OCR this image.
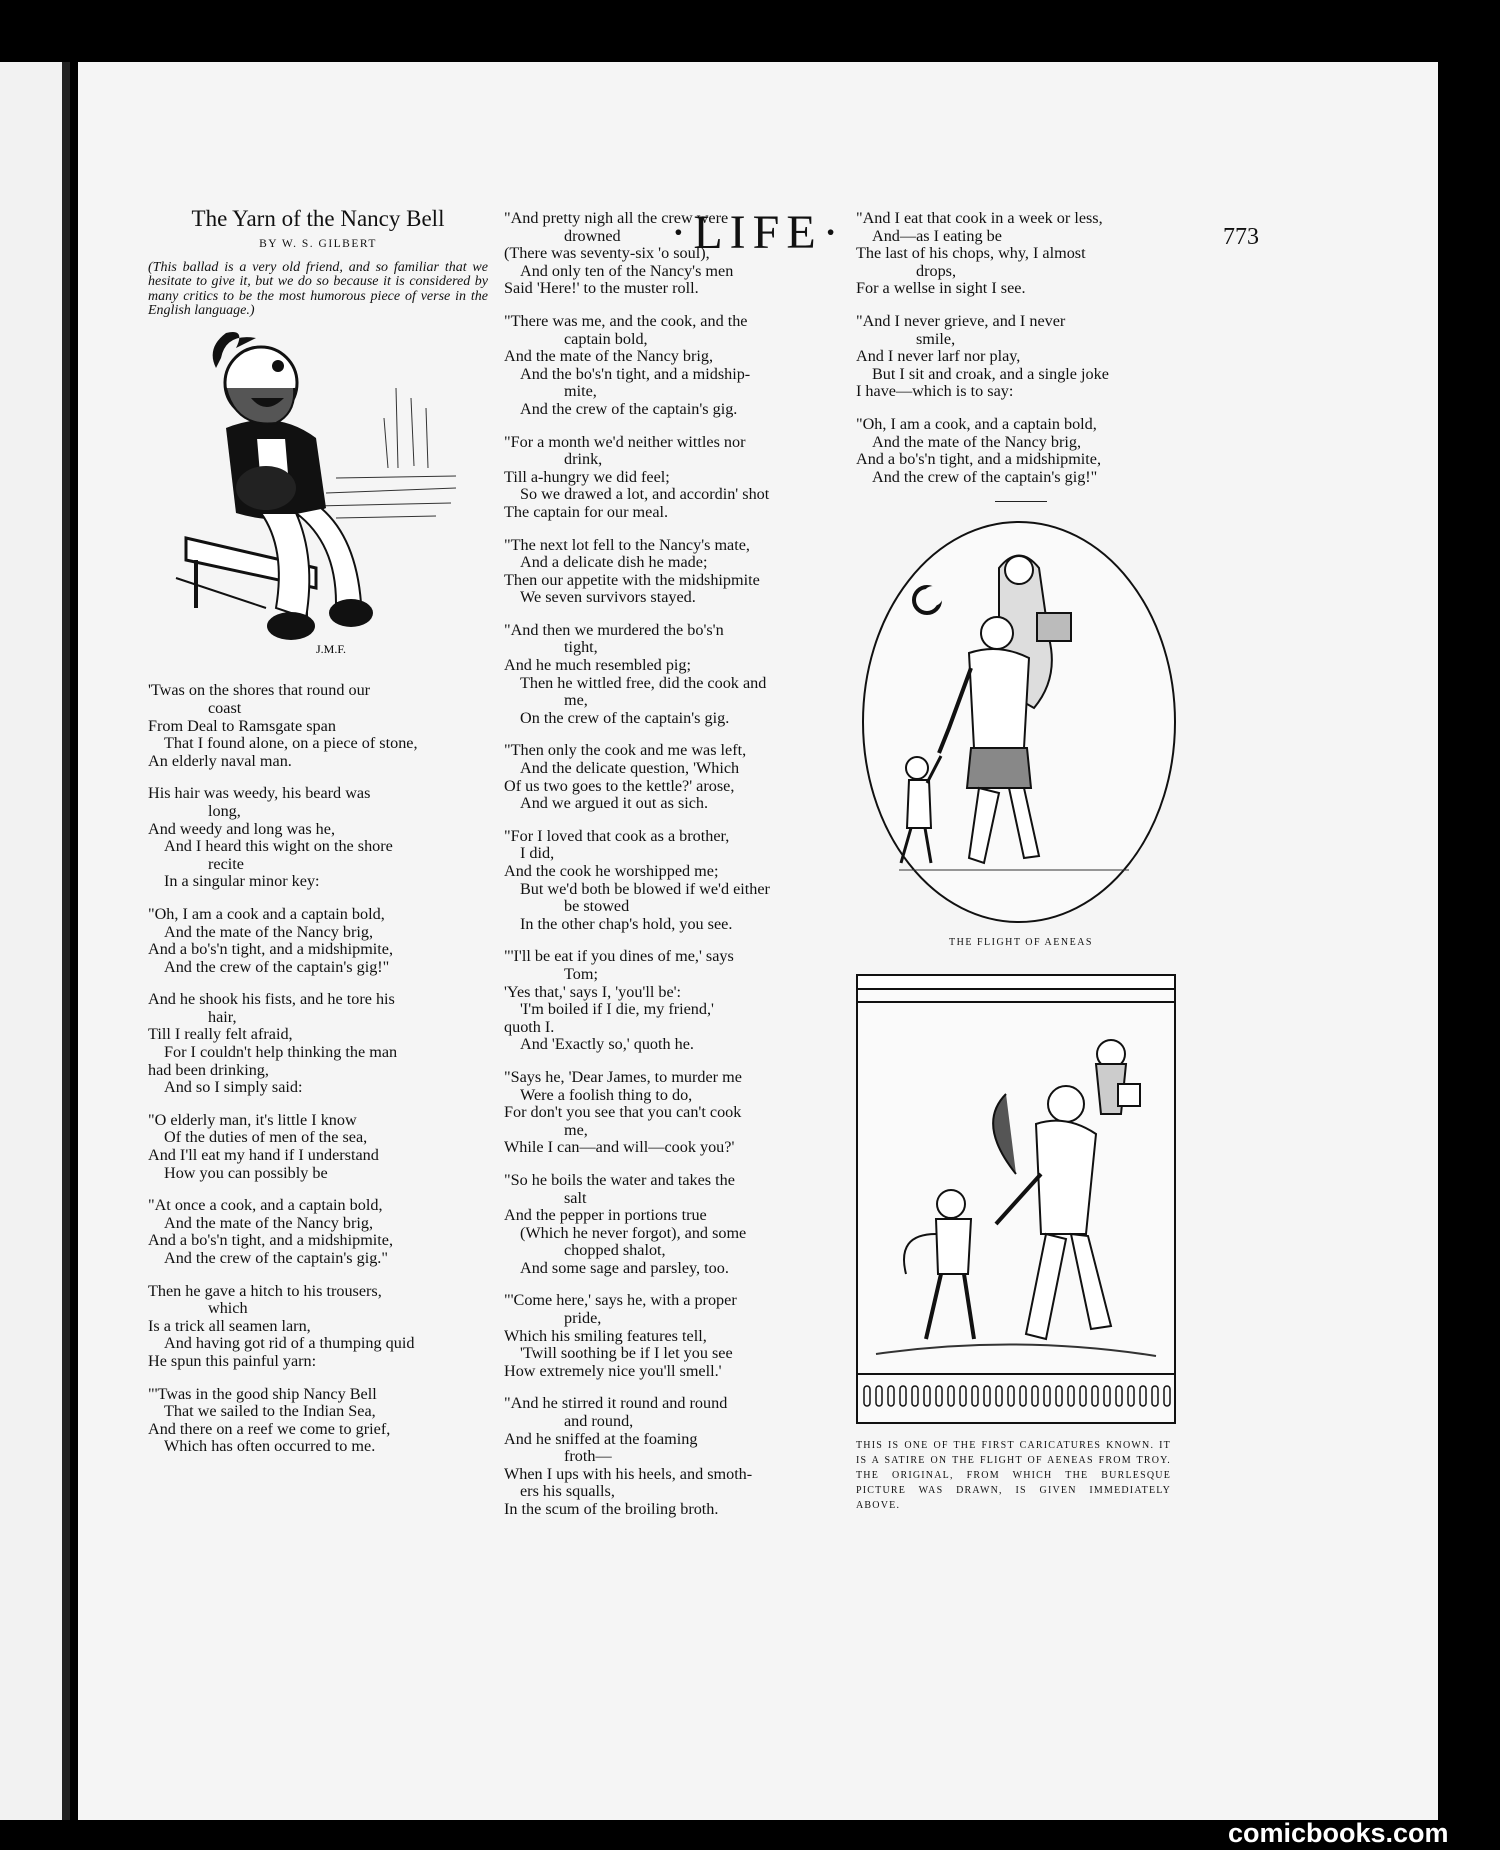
·LIFE·	773
The Yarn of the Nancy Bell
BY W. S. GILBERT
(This ballad is a very old friend, and so familiar that we hesitate to give it, but we do so because it is considered by many critics to be the most humorous piece of verse in the English language.)
J.M.F.
'Twas on the shores that round our
coast
From Deal to Ramsgate span
That I found alone, on a piece of stone,
An elderly naval man.
His hair was weedy, his beard was
long,
And weedy and long was he,
And I heard this wight on the shore
recite
In a singular minor key:
"Oh, I am a cook and a captain bold,
And the mate of the Nancy brig,
And a bo's'n tight, and a midshipmite,
And the crew of the captain's gig!"
And he shook his fists, and he tore his
hair,
Till I really felt afraid,
For I couldn't help thinking the man
had been drinking,
And so I simply said:
"O elderly man, it's little I know
Of the duties of men of the sea,
And I'll eat my hand if I understand
How you can possibly be
"At once a cook, and a captain bold,
And the mate of the Nancy brig,
And a bo's'n tight, and a midshipmite,
And the crew of the captain's gig."
Then he gave a hitch to his trousers,
which
Is a trick all seamen larn,
And having got rid of a thumping quid
He spun this painful yarn:
"'Twas in the good ship Nancy Bell
That we sailed to the Indian Sea,
And there on a reef we come to grief,
Which has often occurred to me.
"And pretty nigh all the crew were
drowned
(There was seventy-six 'o soul),
And only ten of the Nancy's men
Said 'Here!' to the muster roll.
"There was me, and the cook, and the
captain bold,
And the mate of the Nancy brig,
And the bo's'n tight, and a midship-
mite,
And the crew of the captain's gig.
"For a month we'd neither wittles nor
drink,
Till a-hungry we did feel;
So we drawed a lot, and accordin' shot
The captain for our meal.
"The next lot fell to the Nancy's mate,
And a delicate dish he made;
Then our appetite with the midshipmite
We seven survivors stayed.
"And then we murdered the bo's'n
tight,
And he much resembled pig;
Then he wittled free, did the cook and
me,
On the crew of the captain's gig.
"Then only the cook and me was left,
And the delicate question, 'Which
Of us two goes to the kettle?' arose,
And we argued it out as sich.
"For I loved that cook as a brother,
I did,
And the cook he worshipped me;
But we'd both be blowed if we'd either
be stowed
In the other chap's hold, you see.
"'I'll be eat if you dines of me,' says
Tom;
'Yes that,' says I, 'you'll be':
'I'm boiled if I die, my friend,'
quoth I.
And 'Exactly so,' quoth he.
"Says he, 'Dear James, to murder me
Were a foolish thing to do,
For don't you see that you can't cook
me,
While I can—and will—cook you?'
"So he boils the water and takes the
salt
And the pepper in portions true
(Which he never forgot), and some
chopped shalot,
And some sage and parsley, too.
"'Come here,' says he, with a proper
pride,
Which his smiling features tell,
'Twill soothing be if I let you see
How extremely nice you'll smell.'
"And he stirred it round and round
and round,
And he sniffed at the foaming
froth—
When I ups with his heels, and smoth-
ers his squalls,
In the scum of the broiling broth.
"And I eat that cook in a week or less,
And—as I eating be
The last of his chops, why, I almost
drops,
For a wellse in sight I see.
"And I never grieve, and I never
smile,
And I never larf nor play,
But I sit and croak, and a single joke
I have—which is to say:
"Oh, I am a cook, and a captain bold,
And the mate of the Nancy brig,
And a bo's'n tight, and a midshipmite,
And the crew of the captain's gig!"
THE FLIGHT OF AENEAS
THIS IS ONE OF THE FIRST CARICATURES KNOWN. IT IS A SATIRE ON THE FLIGHT OF AENEAS FROM TROY. THE ORIGINAL, FROM WHICH THE BURLESQUE PICTURE WAS DRAWN, IS GIVEN IMMEDIATELY ABOVE.
comicbooks.com
